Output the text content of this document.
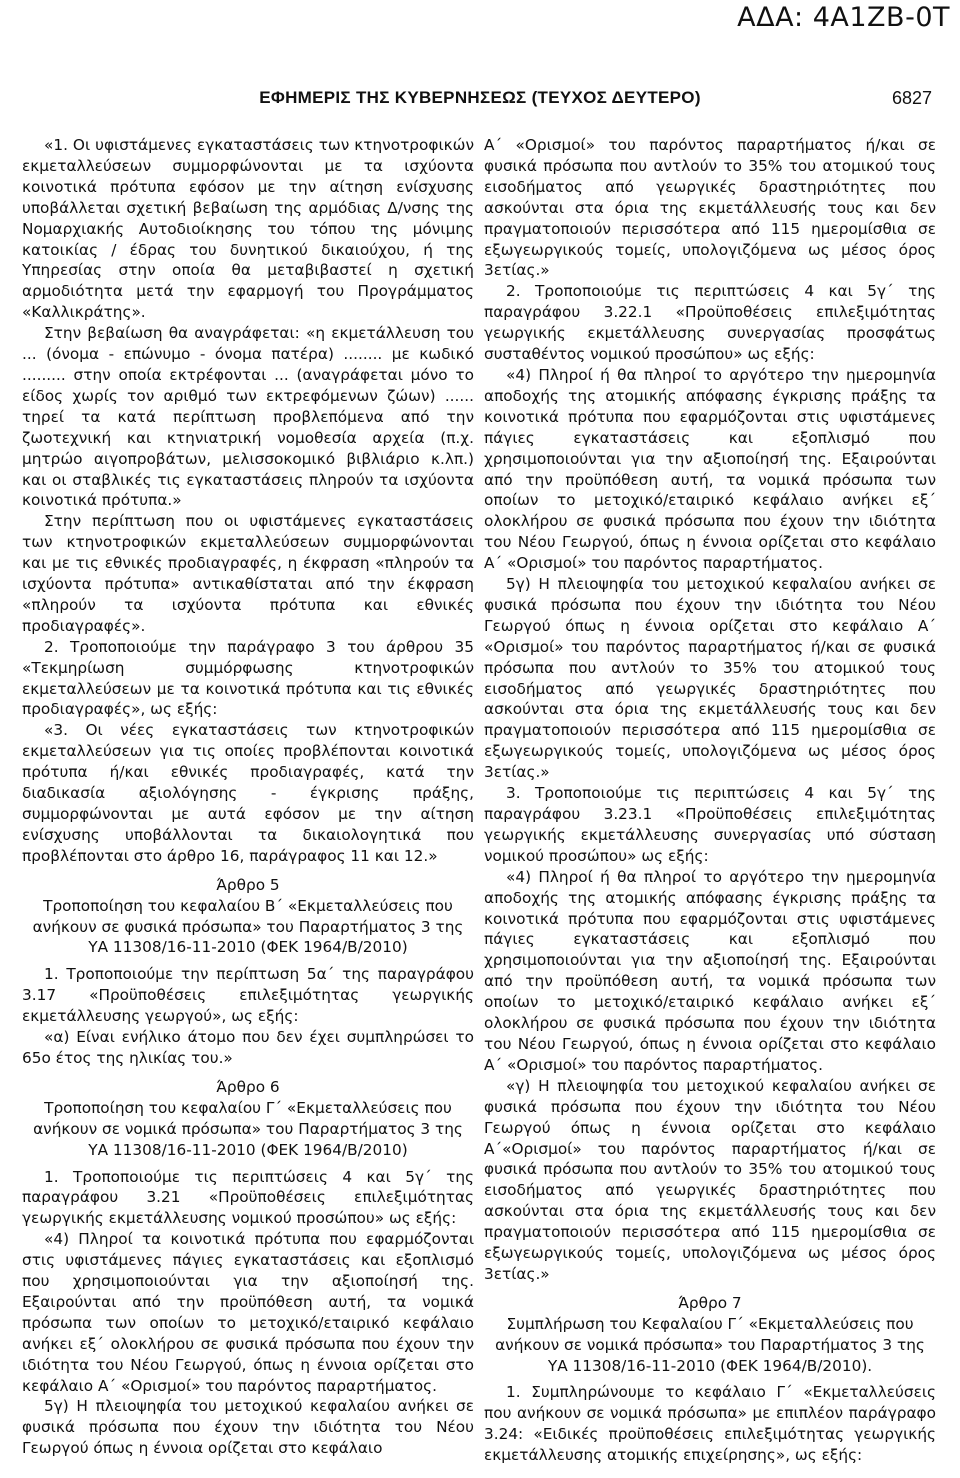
ΑΔΑ: 4Α1ΖΒ-0Τ
ΕΦΗΜΕΡΙΣ ΤΗΣ ΚΥΒΕΡΝΗΣΕΩΣ (ΤΕΥΧΟΣ ΔΕΥΤΕΡΟ)	6827

«1. Οι υφιστάμενες εγκαταστάσεις των κτηνοτροφικών εκμεταλλεύσεων συμμορφώνονται με τα ισχύοντα κοινοτικά πρότυπα εφόσον με την αίτηση ενίσχυσης υποβάλλεται σχετική βεβαίωση της αρμόδιας Δ/νσης της Νομαρχιακής Αυτοδιοίκησης του τόπου της μόνιμης κατοικίας / έδρας του δυνητικού δικαιούχου, ή της Υπηρεσίας στην οποία θα μεταβιβαστεί η σχετική αρμοδιότητα μετά την εφαρμογή του Προγράμματος «Καλλικράτης».

Στην βεβαίωση θα αναγράφεται: «η εκμετάλλευση του ... (όνομα - επώνυμο - όνομα πατέρα) ........ με κωδικό ......... στην οποία εκτρέφονται ... (αναγράφεται μόνο το είδος χωρίς τον αριθμό των εκτρεφόμενων ζώων) ...... τηρεί τα κατά περίπτωση προβλεπόμενα από την ζωοτεχνική και κτηνιατρική νομοθεσία αρχεία (π.χ. μητρώο αιγοπροβάτων, μελισσοκομικό βιβλιάριο κ.λπ.) και οι σταβλικές τις εγκαταστάσεις πληρούν τα ισχύοντα κοινοτικά πρότυπα.»

Στην περίπτωση που οι υφιστάμενες εγκαταστάσεις των κτηνοτροφικών εκμεταλλεύσεων συμμορφώνονται και με τις εθνικές προδιαγραφές, η έκφραση «πληρούν τα ισχύοντα πρότυπα» αντικαθίσταται από την έκφραση «πληρούν τα ισχύοντα πρότυπα και εθνικές προδιαγραφές».

2. Τροποποιούμε την παράγραφο 3 του άρθρου 35 «Τεκμηρίωση συμμόρφωσης κτηνοτροφικών εκμεταλλεύσεων με τα κοινοτικά πρότυπα και τις εθνικές προδιαγραφές», ως εξής:

«3. Οι νέες εγκαταστάσεις των κτηνοτροφικών εκμεταλλεύσεων για τις οποίες προβλέπονται κοινοτικά πρότυπα ή/και εθνικές προδιαγραφές, κατά την διαδικασία αξιολόγησης - έγκρισης πράξης, συμμορφώνονται με αυτά εφόσον με την αίτηση ενίσχυσης υποβάλλονται τα δικαιολογητικά που προβλέπονται στο άρθρο 16, παράγραφος 11 και 12.»

Άρθρο 5
Τροποποίηση του κεφαλαίου Β΄ «Εκμεταλλεύσεις που ανήκουν σε φυσικά πρόσωπα» του Παραρτήματος 3 της ΥΑ 11308/16-11-2010 (ΦΕΚ 1964/Β/2010)

1. Τροποποιούμε την περίπτωση 5α΄ της παραγράφου 3.17 «Προϋποθέσεις επιλεξιμότητας γεωργικής εκμετάλλευσης γεωργού», ως εξής:

«α) Είναι ενήλικο άτομο που δεν έχει συμπληρώσει το 65ο έτος της ηλικίας του.»

Άρθρο 6
Τροποποίηση του κεφαλαίου Γ΄ «Εκμεταλλεύσεις που ανήκουν σε νομικά πρόσωπα» του Παραρτήματος 3 της ΥΑ 11308/16-11-2010 (ΦΕΚ 1964/Β/2010)

1. Τροποποιούμε τις περιπτώσεις 4 και 5γ΄ της παραγράφου 3.21 «Προϋποθέσεις επιλεξιμότητας γεωργικής εκμετάλλευσης νομικού προσώπου» ως εξής:

«4) Πληροί τα κοινοτικά πρότυπα που εφαρμόζονται στις υφιστάμενες πάγιες εγκαταστάσεις και εξοπλισμό που χρησιμοποιούνται για την αξιοποίησή της. Εξαιρούνται από την προϋπόθεση αυτή, τα νομικά πρόσωπα των οποίων το μετοχικό/εταιρικό κεφάλαιο ανήκει εξ΄ ολοκλήρου σε φυσικά πρόσωπα που έχουν την ιδιότητα του Νέου Γεωργού, όπως η έννοια ορίζεται στο κεφάλαιο Α΄ «Ορισμοί» του παρόντος παραρτήματος.

5γ) Η πλειοψηφία του μετοχικού κεφαλαίου ανήκει σε φυσικά πρόσωπα που έχουν την ιδιότητα του Νέου Γεωργού όπως η έννοια ορίζεται στο κεφάλαιο

Α΄ «Ορισμοί» του παρόντος παραρτήματος ή/και σε φυσικά πρόσωπα που αντλούν το 35% του ατομικού τους εισοδήματος από γεωργικές δραστηριότητες που ασκούνται στα όρια της εκμετάλλευσής τους και δεν πραγματοποιούν περισσότερα από 115 ημερομίσθια σε εξωγεωργικούς τομείς, υπολογιζόμενα ως μέσος όρος 3ετίας.»

2. Τροποποιούμε τις περιπτώσεις 4 και 5γ΄ της παραγράφου 3.22.1 «Προϋποθέσεις επιλεξιμότητας γεωργικής εκμετάλλευσης συνεργασίας προσφάτως συσταθέντος νομικού προσώπου» ως εξής:

«4) Πληροί ή θα πληροί το αργότερο την ημερομηνία αποδοχής της ατομικής απόφασης έγκρισης πράξης τα κοινοτικά πρότυπα που εφαρμόζονται στις υφιστάμενες πάγιες εγκαταστάσεις και εξοπλισμό που χρησιμοποιούνται για την αξιοποίησή της. Εξαιρούνται από την προϋπόθεση αυτή, τα νομικά πρόσωπα των οποίων το μετοχικό/εταιρικό κεφάλαιο ανήκει εξ΄ ολοκλήρου σε φυσικά πρόσωπα που έχουν την ιδιότητα του Νέου Γεωργού, όπως η έννοια ορίζεται στο κεφάλαιο Α΄ «Ορισμοί» του παρόντος παραρτήματος.

5γ) Η πλειοψηφία του μετοχικού κεφαλαίου ανήκει σε φυσικά πρόσωπα που έχουν την ιδιότητα του Νέου Γεωργού όπως η έννοια ορίζεται στο κεφάλαιο Α΄ «Ορισμοί» του παρόντος παραρτήματος ή/και σε φυσικά πρόσωπα που αντλούν το 35% του ατομικού τους εισοδήματος από γεωργικές δραστηριότητες που ασκούνται στα όρια της εκμετάλλευσής τους και δεν πραγματοποιούν περισσότερα από 115 ημερομίσθια σε εξωγεωργικούς τομείς, υπολογιζόμενα ως μέσος όρος 3ετίας.»

3. Τροποποιούμε τις περιπτώσεις 4 και 5γ΄ της παραγράφου 3.23.1 «Προϋποθέσεις επιλεξιμότητας γεωργικής εκμετάλλευσης συνεργασίας υπό σύσταση νομικού προσώπου» ως εξής:

«4) Πληροί ή θα πληροί το αργότερο την ημερομηνία αποδοχής της ατομικής απόφασης έγκρισης πράξης τα κοινοτικά πρότυπα που εφαρμόζονται στις υφιστάμενες πάγιες εγκαταστάσεις και εξοπλισμό που χρησιμοποιούνται για την αξιοποίησή της. Εξαιρούνται από την προϋπόθεση αυτή, τα νομικά πρόσωπα των οποίων το μετοχικό/εταιρικό κεφάλαιο ανήκει εξ΄ ολοκλήρου σε φυσικά πρόσωπα που έχουν την ιδιότητα του Νέου Γεωργού, όπως η έννοια ορίζεται στο κεφάλαιο Α΄ «Ορισμοί» του παρόντος παραρτήματος.

«γ) Η πλειοψηφία του μετοχικού κεφαλαίου ανήκει σε φυσικά πρόσωπα που έχουν την ιδιότητα του Νέου Γεωργού όπως η έννοια ορίζεται στο κεφάλαιο Α΄«Ορισμοί» του παρόντος παραρτήματος ή/και σε φυσικά πρόσωπα που αντλούν το 35% του ατομικού τους εισοδήματος από γεωργικές δραστηριότητες που ασκούνται στα όρια της εκμετάλλευσής τους και δεν πραγματοποιούν περισσότερα από 115 ημερομίσθια σε εξωγεωργικούς τομείς, υπολογιζόμενα ως μέσος όρος 3ετίας.»

Άρθρο 7
Συμπλήρωση του Κεφαλαίου Γ΄ «Εκμεταλλεύσεις που ανήκουν σε νομικά πρόσωπα» του Παραρτήματος 3 της ΥΑ 11308/16-11-2010 (ΦΕΚ 1964/Β/2010).

1. Συμπληρώνουμε το κεφάλαιο Γ΄ «Εκμεταλλεύσεις που ανήκουν σε νομικά πρόσωπα» με επιπλέον παράγραφο 3.24: «Ειδικές προϋποθέσεις επιλεξιμότητας γεωργικής εκμετάλλευσης ατομικής επιχείρησης», ως εξής:
